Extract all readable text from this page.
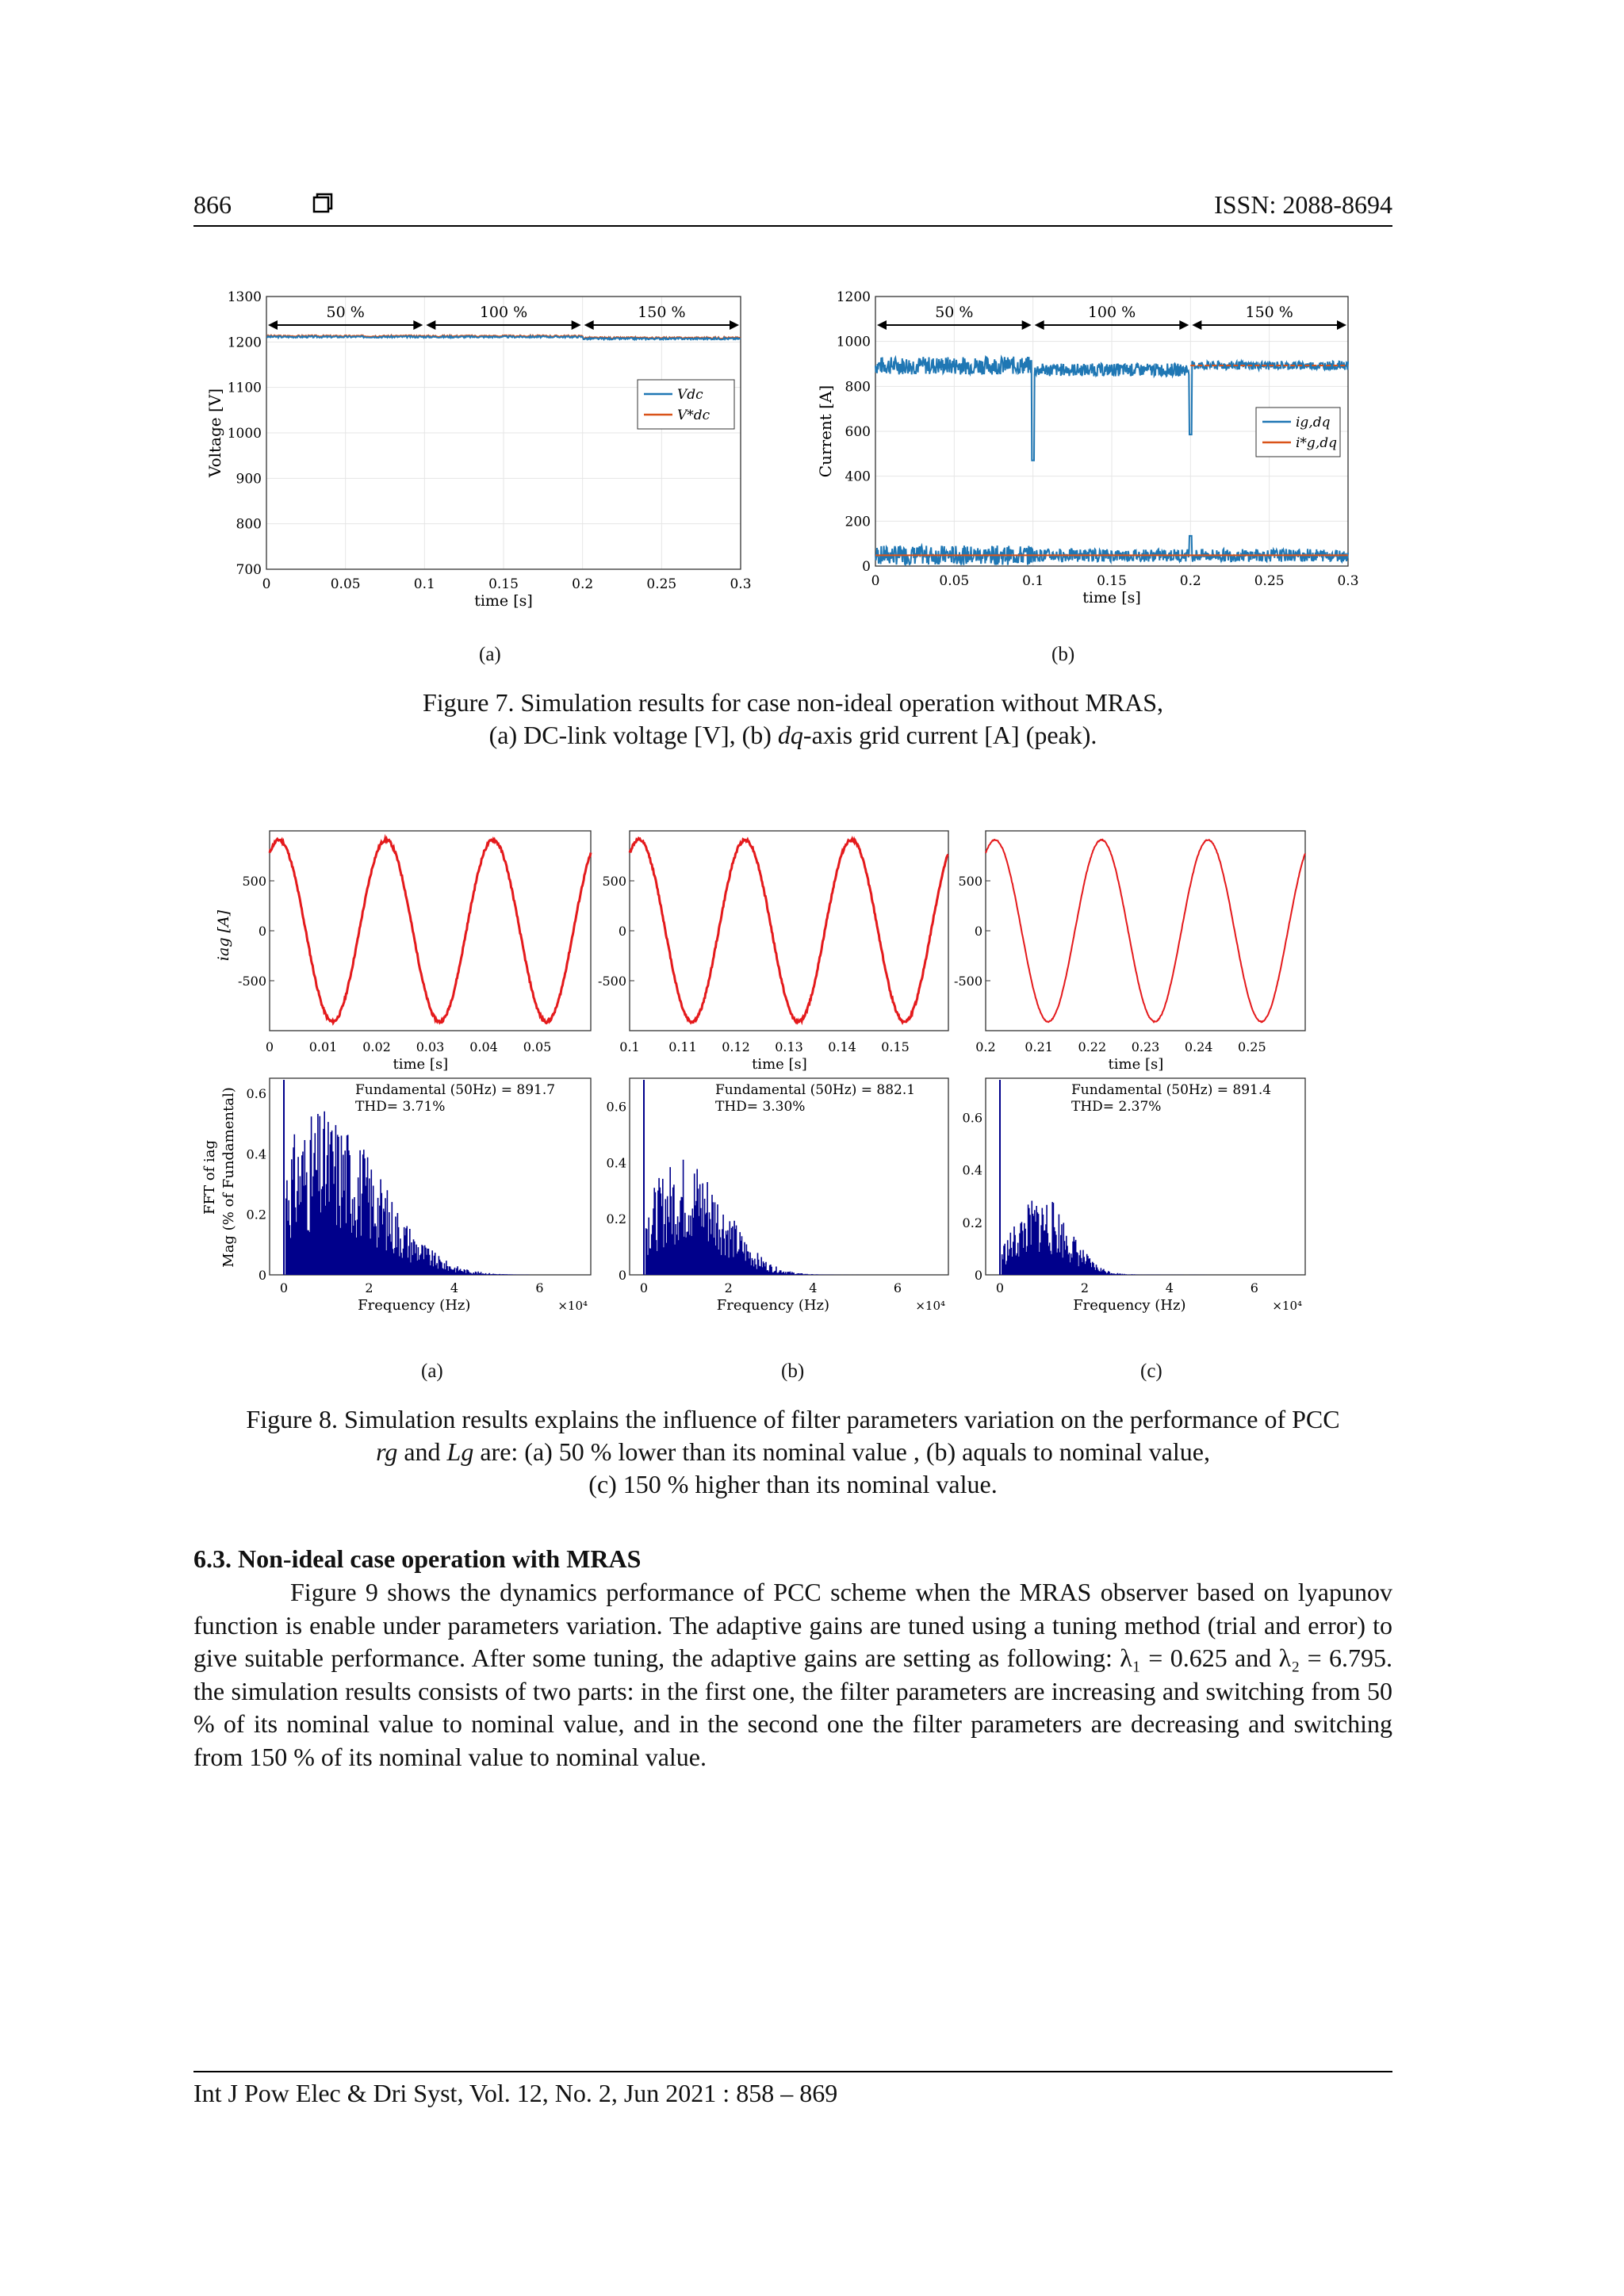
866	ISSN: 2088-8694
1300
1200
1100
1000
900
800
700
0	0.05	0.1	0.15	0.2	0.25	0.3
time [s]
Voltage [V]
50 %	100 %	150 %
Vdc
V*dc
1200
1000
800
600
400
200
0
0	0.05	0.1	0.15	0.2	0.25	0.3
time [s]
Current [A]
50 %	100 %	150 %
ig,dq
i*g,dq
(a)	(b)
Figure 7. Simulation results for case non-ideal operation without MRAS,
(a) DC-link voltage [V], (b) dq-axis grid current [A] (peak).
500
0
-500
0	0.01 0.02 0.03 0.04 0.05
time [s]
0.6
0.4
0.2
0
0	2	4	6
Frequency (Hz)	×10⁴
Fundamental (50Hz) = 891.7
THD= 3.71%
500
0
-500
0.1 0.11 0.12 0.13 0.14 0.15
time [s]
0.6
0.4
0.2
0
0	2	4	6
Frequency (Hz)	×10⁴
Fundamental (50Hz) = 882.1
THD= 3.30%
500
0
-500
0.2 0.21 0.22 0.23 0.24 0.25
time [s]
0.6
0.4
0.2
0
0	2	4	6
Frequency (Hz)	×10⁴
Fundamental (50Hz) = 891.4
THD= 2.37%
iag [A]
FFT of iag Mag (% of Fundamental)
(a)	(b)	(c)
Figure 8. Simulation results explains the influence of filter parameters variation on the performance of PCC
rg and Lg are: (a) 50 % lower than its nominal value , (b) aquals to nominal value,
(c) 150 % higher than its nominal value.
6.3. Non-ideal case operation with MRAS
Figure 9 shows the dynamics performance of PCC scheme when the MRAS observer based on lyapunov function is enable under parameters variation. The adaptive gains are tuned using a tuning method (trial and error) to give suitable performance. After some tuning, the adaptive gains are setting as following: λ₁ = 0.625 and λ₂ = 6.795. the simulation results consists of two parts: in the first one, the filter parameters are increasing and switching from 50 % of its nominal value to nominal value, and in the second one the filter parameters are decreasing and switching from 150 % of its nominal value to nominal value.
Int J Pow Elec & Dri Syst, Vol. 12, No. 2, Jun 2021 : 858 – 869
